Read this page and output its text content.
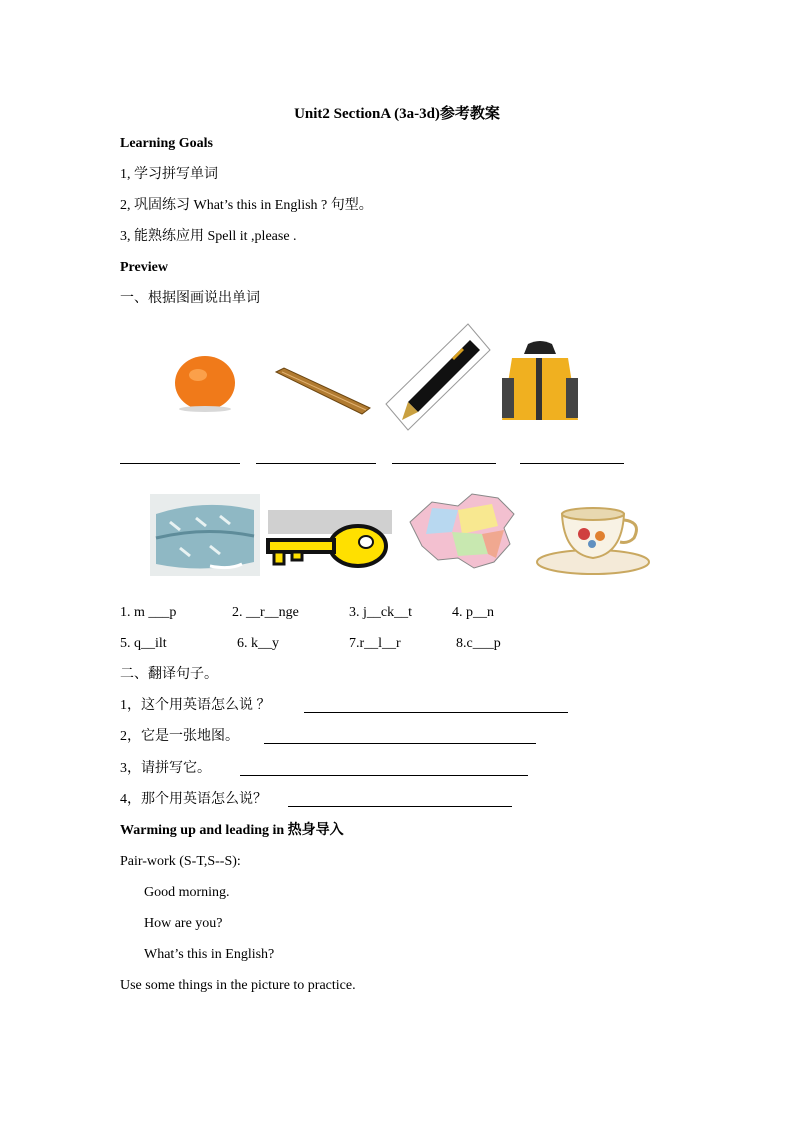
Unit2 SectionA (3a-3d)参考教案
Learning Goals
1, 学习拼写单词
2, 巩固练习 What’s this in English ? 句型。
3, 能熟练应用 Spell it ,please .
Preview
一、根据图画说出单词
1. m ___p	2. __r__nge	3. j__ck__t	4. p__n
5. q__ilt	6. k__y	7.r__l__r	8.c___p
二、翻译句子。
1，这个用英语怎么说 ？
2，它是一张地图。
3，请拼写它。
4，那个用英语怎么说？
Warming up and leading in 热身导入
Pair-work (S-T,S--S):
Good morning.
How are you?
What’s this in English?
Use some things in the picture to practice.
